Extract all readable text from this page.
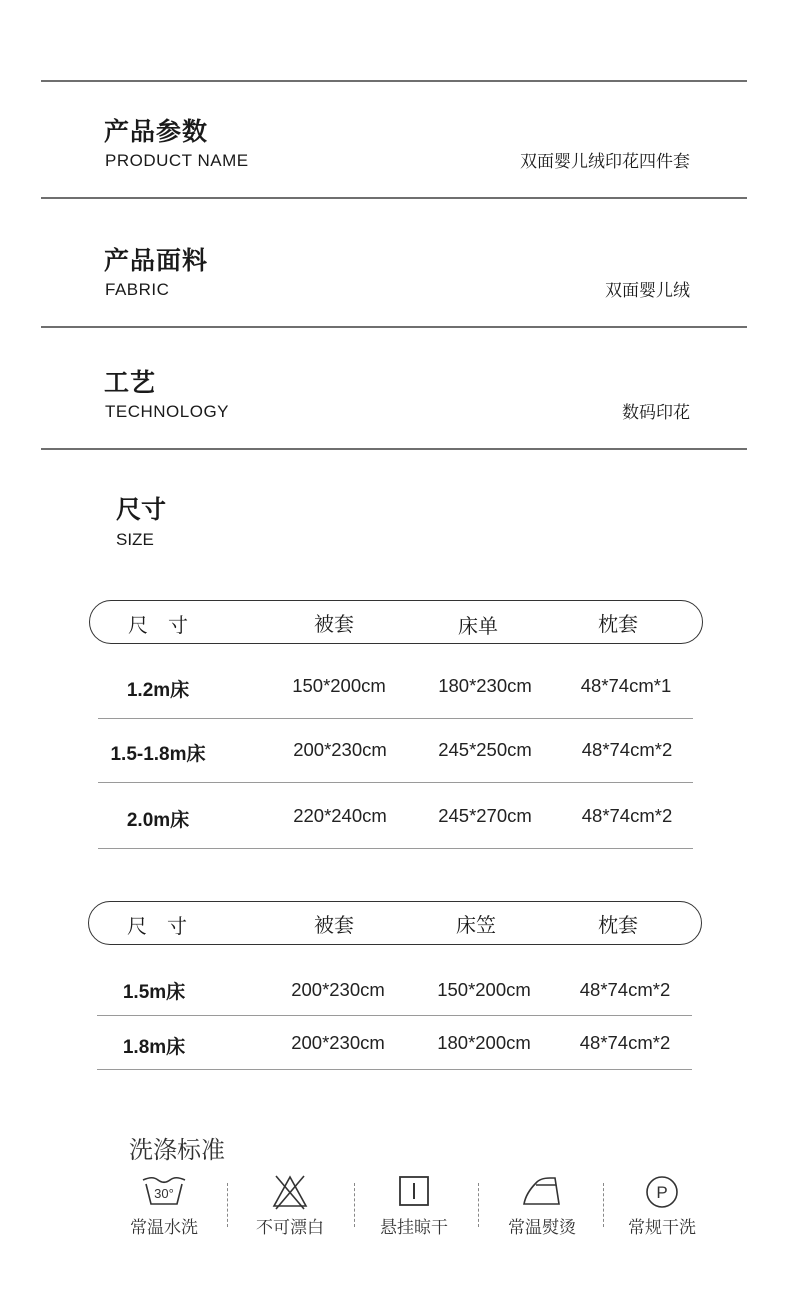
产品参数
PRODUCT NAME	双面婴儿绒印花四件套
产品面料
FABRIC	双面婴儿绒
工艺
TECHNOLOGY	数码印花
尺寸
SIZE
尺　寸	被套	床单	枕套
1.2m床	150*200cm	180*230cm	48*74cm*1
1.5-1.8m床	200*230cm	245*250cm	48*74cm*2
2.0m床	220*240cm	245*270cm	48*74cm*2
尺　寸	被套	床笠	枕套
1.5m床	200*230cm	150*200cm	48*74cm*2
1.8m床	200*230cm	180*200cm	48*74cm*2
洗涤标准
30°
常温水洗	不可漂白	悬挂晾干	常温熨烫
P
常规干洗
